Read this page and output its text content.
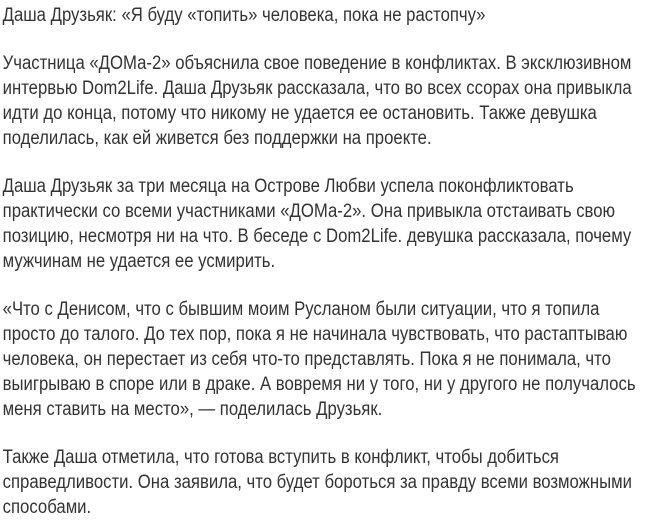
Даша Друзьяк: «Я буду «топить» человека, пока не растопчу»

Участница «ДОМа-2» объяснила свое поведение в конфликтах. В эксклюзивном
интервью Dom2Life. Даша Друзьяк рассказала, что во всех ссорах она привыкла
идти до конца, потому что никому не удается ее остановить. Также девушка
поделилась, как ей живется без поддержки на проекте.

Даша Друзьяк за три месяца на Острове Любви успела поконфликтовать
практически со всеми участниками «ДОМа-2». Она привыкла отстаивать свою
позицию, несмотря ни на что. В беседе с Dom2Life. девушка рассказала, почему
мужчинам не удается ее усмирить.

«Что с Денисом, что с бывшим моим Русланом были ситуации, что я топила
просто до талого. До тех пор, пока я не начинала чувствовать, что растаптываю
человека, он перестает из себя что-то представлять. Пока я не понимала, что
выигрываю в споре или в драке. А вовремя ни у того, ни у другого не получалось
меня ставить на место», — поделилась Друзьяк.

Также Даша отметила, что готова вступить в конфликт, чтобы добиться
справедливости. Она заявила, что будет бороться за правду всеми возможными
способами.
